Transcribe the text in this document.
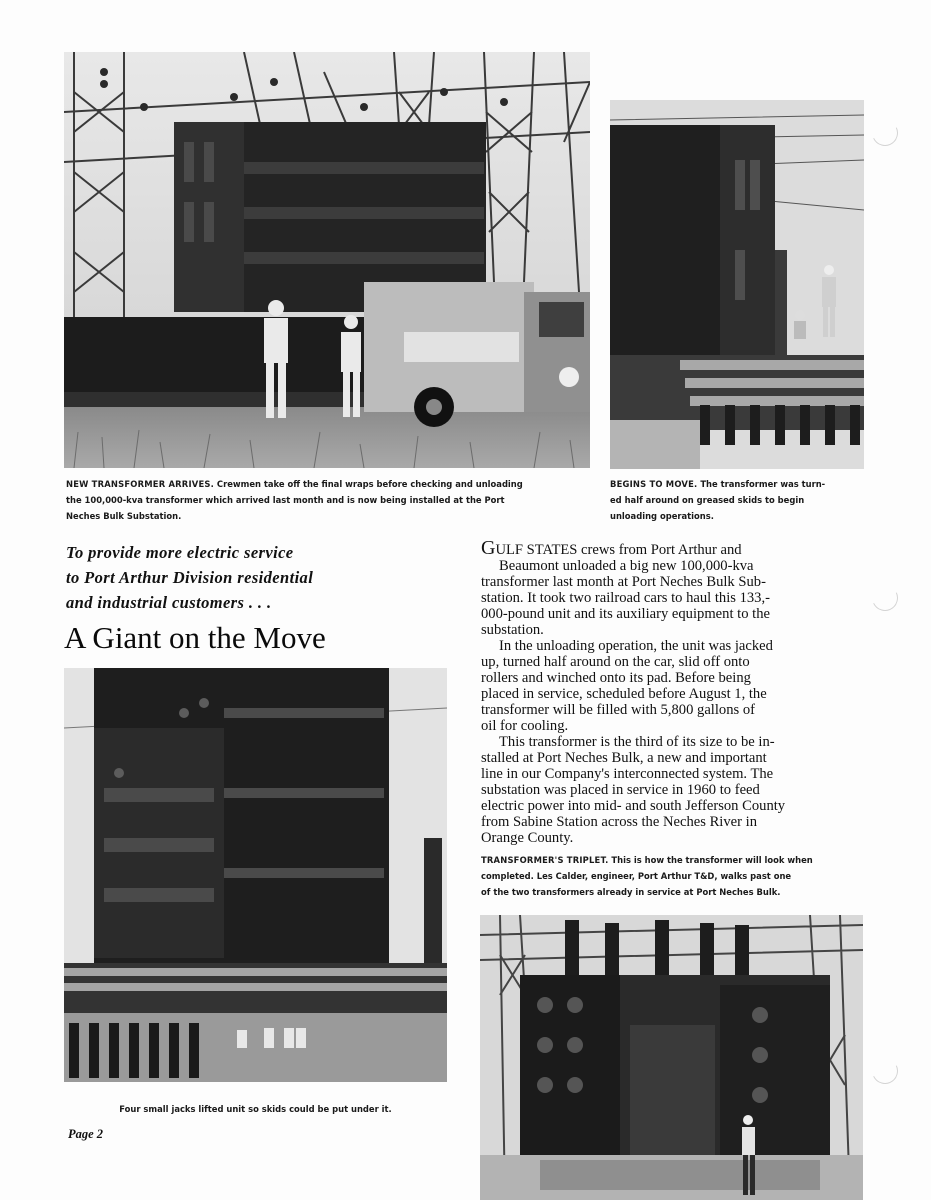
NEW TRANSFORMER ARRIVES. Crewmen take off the final wraps before checking and unloading
the 100,000-kva transformer which arrived last month and is now being installed at the Port
Neches Bulk Substation.
BEGINS TO MOVE. The transformer was turn-
ed half around on greased skids to begin
unloading operations.
To provide more electric service
to Port Arthur Division residential
and industrial customers . . .
A Giant on the Move

GULF STATES crews from Port Arthur and

Beaumont unloaded a big new 100,000-kva

transformer last month at Port Neches Bulk Sub-

station. It took two railroad cars to haul this 133,-

000-pound unit and its auxiliary equipment to the

substation.

In the unloading operation, the unit was jacked

up, turned half around on the car, slid off onto

rollers and winched onto its pad. Before being

placed in service, scheduled before August 1, the

transformer will be filled with 5,800 gallons of

oil for cooling.

This transformer is the third of its size to be in-

stalled at Port Neches Bulk, a new and important

line in our Company's interconnected system. The

substation was placed in service in 1960 to feed

electric power into mid- and south Jefferson County

from Sabine Station across the Neches River in

Orange County.

TRANSFORMER'S TRIPLET. This is how the transformer will look when
completed. Les Calder, engineer, Port Arthur T&D, walks past one
of the two transformers already in service at Port Neches Bulk.
Four small jacks lifted unit so skids could be put under it.
Page 2
